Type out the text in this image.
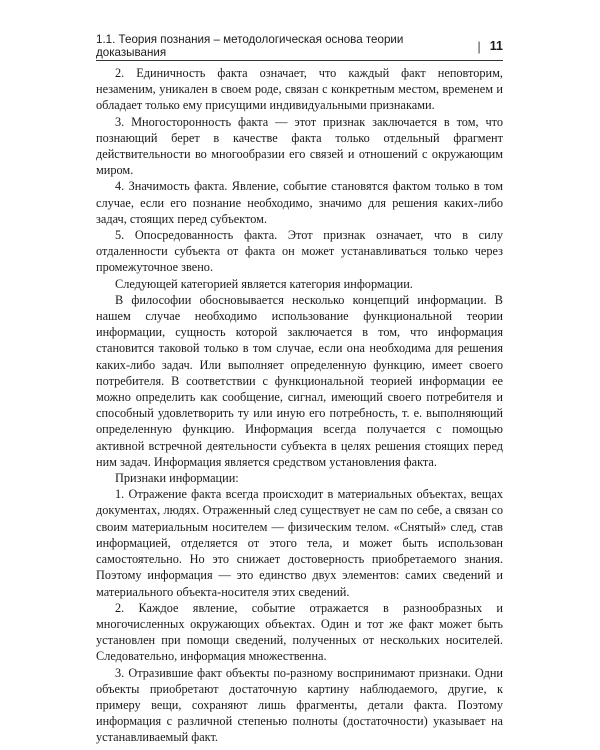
1.1. Теория познания – методологическая основа теории доказывания	| 11

2. Единичность факта означает, что каждый факт неповторим, незаменим, уникален в своем роде, связан с конкретным местом, временем и обладает только ему присущими индивидуальными признаками.

3. Многосторонность факта — этот признак заключается в том, что познающий берет в качестве факта только отдельный фрагмент действительности во многообразии его связей и отношений с окружающим миром.

4. Значимость факта. Явление, событие становятся фактом только в том случае, если его познание необходимо, значимо для решения каких-либо задач, стоящих перед субъектом.

5. Опосредованность факта. Этот признак означает, что в силу отдаленности субъекта от факта он может устанавливаться только через промежуточное звено.

Следующей категорией является категория информации.

В философии обосновывается несколько концепций информации. В нашем случае необходимо использование функциональной теории информации, сущность которой заключается в том, что информация становится таковой только в том случае, если она необходима для решения каких-либо задач. Или выполняет определенную функцию, имеет своего потребителя. В соответствии с функциональной теорией информации ее можно определить как сообщение, сигнал, имеющий своего потребителя и способный удовлетворить ту или иную его потребность, т. е. выполняющий определенную функцию. Информация всегда получается с помощью активной встречной деятельности субъекта в целях решения стоящих перед ним задач. Информация является средством установления факта.

Признаки информации:

1. Отражение факта всегда происходит в материальных объектах, вещах документах, людях. Отраженный след существует не сам по себе, а связан со своим материальным носителем — физическим телом. «Снятый» след, став информацией, отделяется от этого тела, и может быть использован самостоятельно. Но это снижает достоверность приобретаемого знания. Поэтому информация — это единство двух элементов: самих сведений и материального объекта-носителя этих сведений.

2. Каждое явление, событие отражается в разнообразных и многочисленных окружающих объектах. Один и тот же факт может быть установлен при помощи сведений, полученных от нескольких носителей. Следовательно, информация множественна.

3. Отразившие факт объекты по-разному воспринимают признаки. Одни объекты приобретают достаточную картину наблюдаемого, другие, к примеру вещи, сохраняют лишь фрагменты, детали факта. Поэтому информация с различной степенью полноты (достаточности) указывает на устанавливаемый факт.
